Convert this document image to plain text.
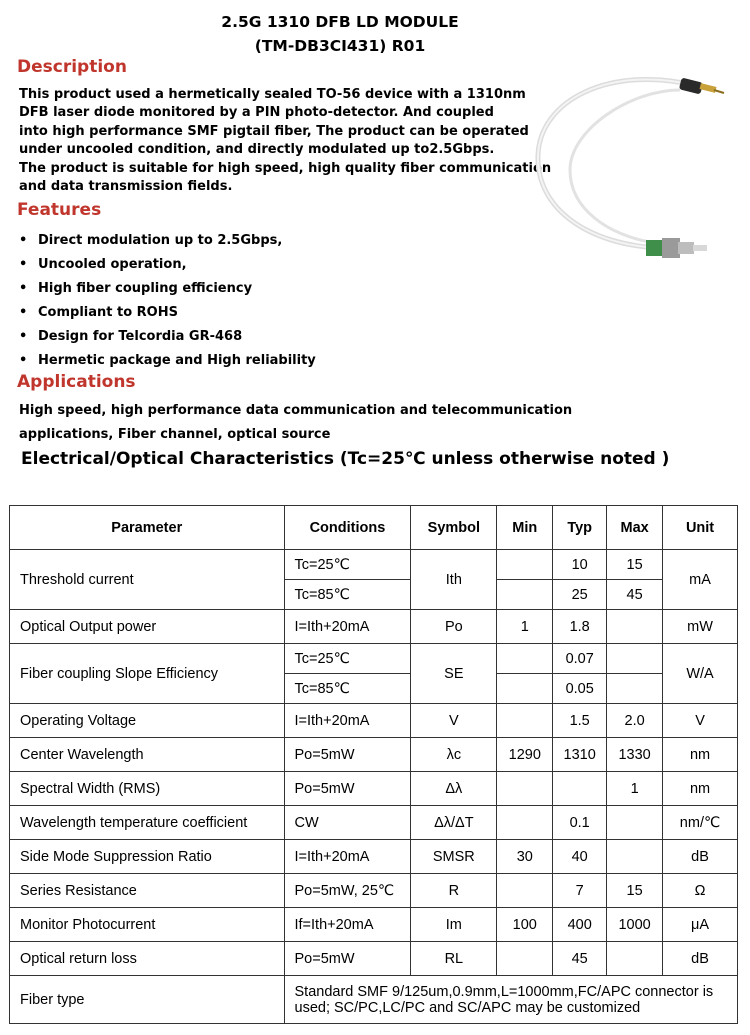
2.5G 1310 DFB LD MODULE
(TM-DB3CI431) R01
Description
This product used a hermetically sealed TO-56 device with a 1310nm
DFB laser diode monitored by a PIN photo-detector. And coupled
into high performance SMF pigtail fiber, The product can be operated
under uncooled condition, and directly modulated up to2.5Gbps.
The product is suitable for high speed, high quality fiber communication
and data transmission fields.
Features
• Direct modulation up to 2.5Gbps,
• Uncooled operation,
• High fiber coupling efficiency
• Compliant to ROHS
• Design for Telcordia GR-468
• Hermetic package and High reliability
Applications
High speed, high performance data communication and telecommunication
applications, Fiber channel, optical source
Electrical/Optical Characteristics (Tc=25℃ unless otherwise noted )
Parameter	Conditions	Symbol	Min	Typ	Max	Unit
Threshold current	Tc=25℃	Ith		10	15	mA
	Tc=85℃			25	45	
Optical Output power	I=Ith+20mA	Po	1	1.8		mW
Fiber coupling Slope Efficiency	Tc=25℃	SE		0.07		W/A
	Tc=85℃			0.05		
Operating Voltage	I=Ith+20mA	V		1.5	2.0	V
Center Wavelength	Po=5mW	λc	1290	1310	1330	nm
Spectral Width (RMS)	Po=5mW	Δλ			1	nm
Wavelength temperature coefficient	CW	Δλ/ΔT		0.1		nm/℃
Side Mode Suppression Ratio	I=Ith+20mA	SMSR	30	40		dB
Series Resistance	Po=5mW, 25℃	R		7	15	Ω
Monitor Photocurrent	If=Ith+20mA	Im	100	400	1000	μA
Optical return loss	Po=5mW	RL		45		dB
Fiber type	Standard SMF 9/125um,0.9mm,L=1000mm,FC/APC connector is used; SC/PC,LC/PC and SC/APC may be customized					
